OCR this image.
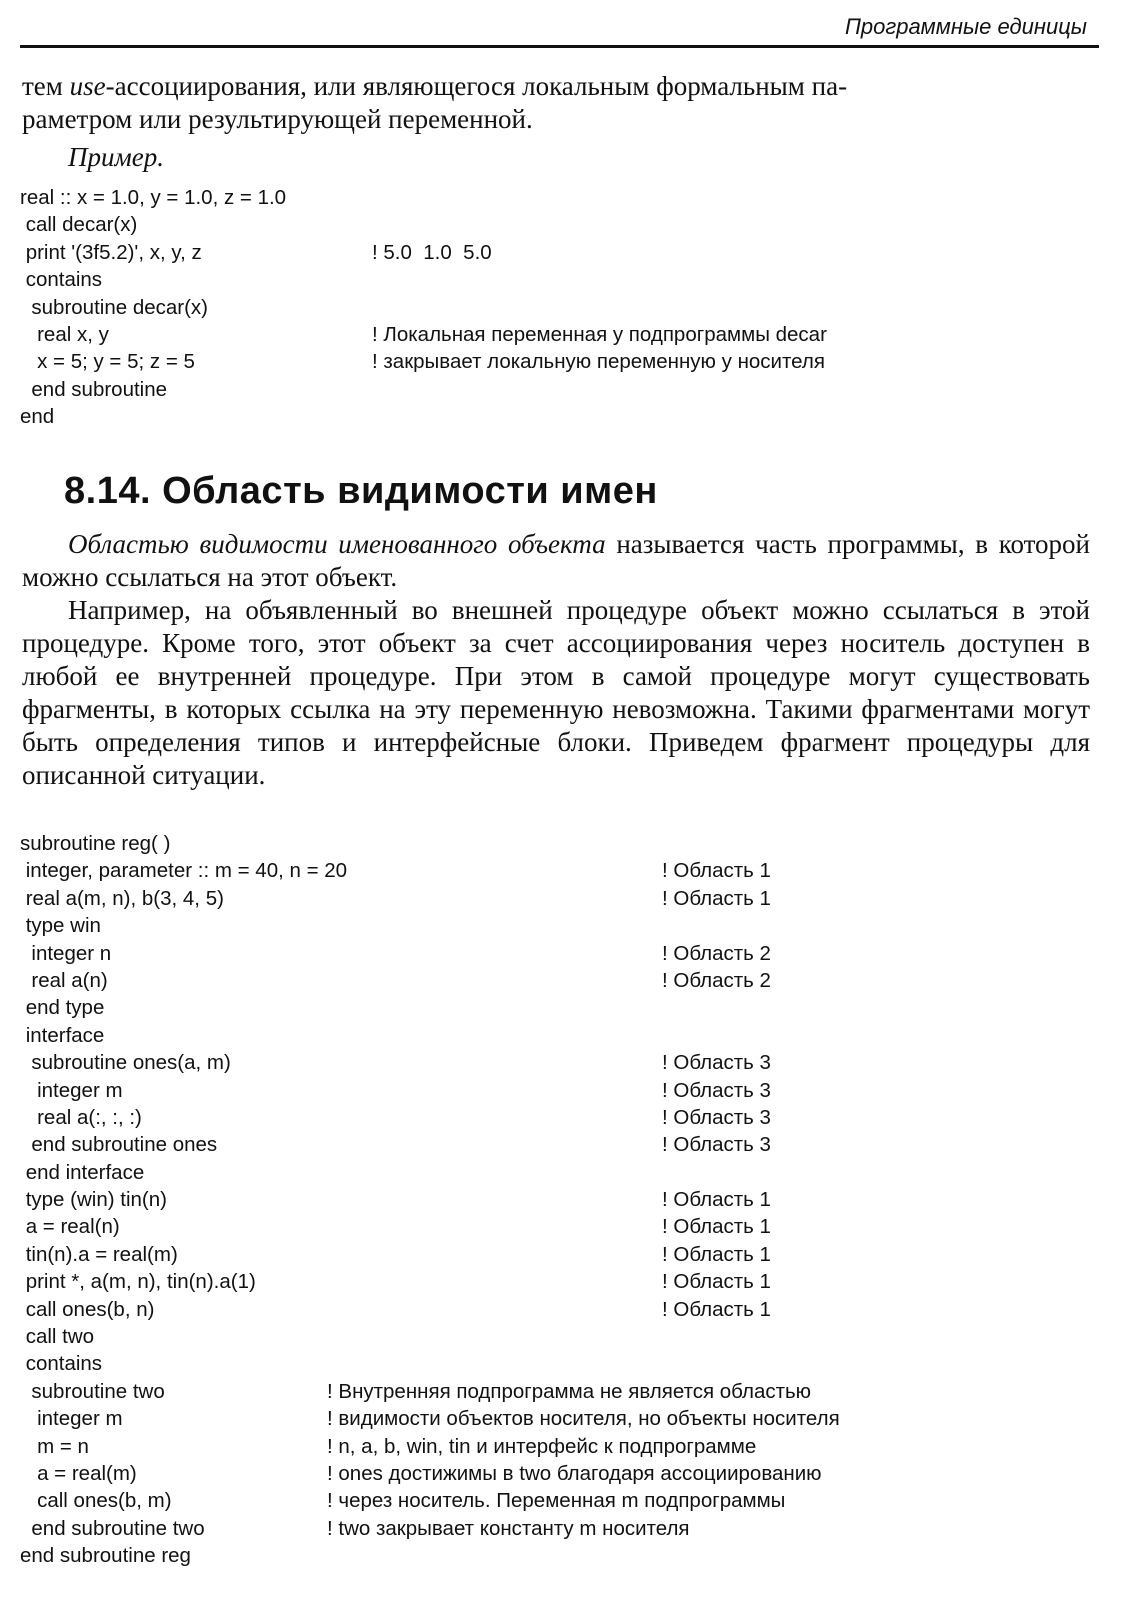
Программные единицы
тем use-ассоциирования, или являющегося локальным формальным па-
раметром или результирующей переменной.
Пример.
real :: x = 1.0, y = 1.0, z = 1.0
call decar(x)
print '(3f5.2)', x, y, z
contains
subroutine decar(x)
real x, y
x = 5; y = 5; z = 5
end subroutine
end

! 5.0  1.0  5.0

! Локальная переменная y подпрограммы decar
! закрывает локальную переменную y носителя

8.14. Область видимости имен
Областью видимости именованного объекта называется часть программы, в которой можно ссылаться на этот объект.
Например, на объявленный во внешней процедуре объект можно ссылаться в этой процедуре. Кроме того, этот объект за счет ассоциирования через носитель доступен в любой ее внутренней процедуре. При этом в самой процедуре могут существовать фрагменты, в которых ссылка на эту переменную невозможна. Такими фрагментами могут быть определения типов и интерфейсные блоки. Приведем фрагмент процедуры для описанной ситуации.
subroutine reg( )
integer, parameter :: m = 40, n = 20
real a(m, n), b(3, 4, 5)
type win
integer n
real a(n)
end type
interface
subroutine ones(a, m)
integer m
real a(:, :, :)
end subroutine ones
end interface
type (win) tin(n)
a = real(n)
tin(n).a = real(m)
print *, a(m, n), tin(n).a(1)
call ones(b, n)
call two
contains
subroutine two
integer m
m = n
a = real(m)
call ones(b, m)
end subroutine two
end subroutine reg

! Область 1
! Область 1

! Область 2
! Область 2

! Область 3
! Область 3
! Область 3
! Область 3

! Область 1
! Область 1
! Область 1
! Область 1
! Область 1

! Внутренняя подпрограмма не является областью
! видимости объектов носителя, но объекты носителя
! n, a, b, win, tin и интерфейс к подпрограмме
! ones достижимы в two благодаря ассоциированию
! через носитель. Переменная m подпрограммы
! two закрывает константу m носителя
